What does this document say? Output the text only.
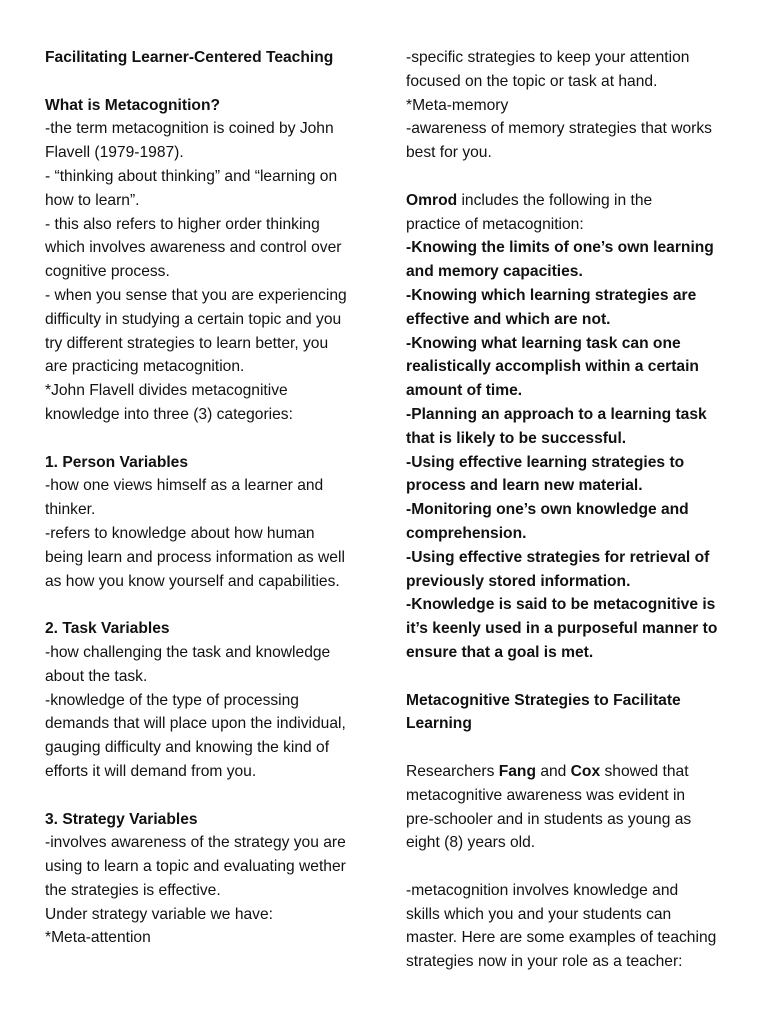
Facilitating Learner-Centered Teaching
What is Metacognition?
-the term metacognition is coined by John
Flavell (1979-1987).
- “thinking about thinking” and “learning on
how to learn”.
- this also refers to higher order thinking
which involves awareness and control over
cognitive process.
- when you sense that you are experiencing
difficulty in studying a certain topic and you
try different strategies to learn better, you
are practicing metacognition.
*John Flavell divides metacognitive
knowledge into three (3) categories:
1. Person Variables
-how one views himself as a learner and
thinker.
-refers to knowledge about how human
being learn and process information as well
as how you know yourself and capabilities.
2. Task Variables
-how challenging the task and knowledge
about the task.
-knowledge of the type of processing
demands that will place upon the individual,
gauging difficulty and knowing the kind of
efforts it will demand from you.
3. Strategy Variables
-involves awareness of the strategy you are
using to learn a topic and evaluating wether
the strategies is effective.
Under strategy variable we have:
*Meta-attention
-specific strategies to keep your attention
focused on the topic or task at hand.
*Meta-memory
-awareness of memory strategies that works
best for you.
Omrod includes the following in the
practice of metacognition:
-Knowing the limits of one’s own learning
and memory capacities.
-Knowing which learning strategies are
effective and which are not.
-Knowing what learning task can one
realistically accomplish within a certain
amount of time.
-Planning an approach to a learning task
that is likely to be successful.
-Using effective learning strategies to
process and learn new material.
-Monitoring one’s own knowledge and
comprehension.
-Using effective strategies for retrieval of
previously stored information.
-Knowledge is said to be metacognitive is
it’s keenly used in a purposeful manner to
ensure that a goal is met.
Metacognitive Strategies to Facilitate
Learning
Researchers Fang and Cox showed that
metacognitive awareness was evident in
pre-schooler and in students as young as
eight (8) years old.
-metacognition involves knowledge and
skills which you and your students can
master. Here are some examples of teaching
strategies now in your role as a teacher:
